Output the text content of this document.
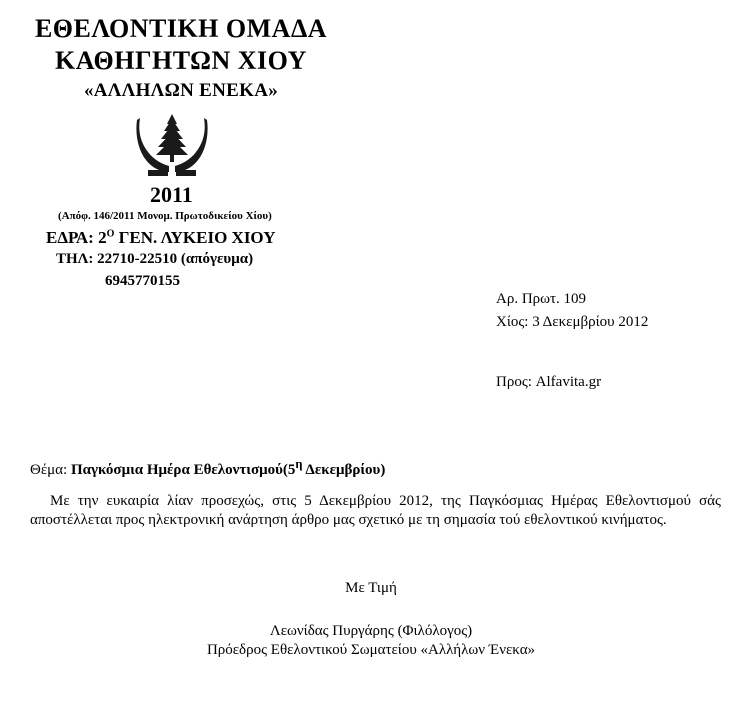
ΕΘΕΛΟΝΤΙΚΗ ΟΜΑΔΑ
ΚΑΘΗΓΗΤΩΝ ΧΙΟΥ
«ΑΛΛΗΛΩΝ ΕΝΕΚΑ»
2011
(Απόφ. 146/2011 Μονομ. Πρωτοδικείου Χίου)
ΕΔΡΑ: $2^O$ ΓΕΝ. ΛΥΚΕΙΟ ΧΙΟΥ
ΤΗΛ: 22710-22510 (απόγευμα)
6945770155
Αρ. Πρωτ. 109
Χίος: 3 Δεκεμβρίου 2012
Προς: Alfavita.gr
Θέμα: Παγκόσμια Ημέρα $E\theta\varepsilon\lambda o\nu\tau\iota\sigma\mu oύ(5^\eta$ Δεκεμβρίου)
Με την ευκαιρία λίαν προσεχώς, στις 5 Δεκεμβρίου 2012, της Παγκόσμιας Ημέρας Εθελοντισμού σάς αποστέλλεται προς ηλεκτρονική ανάρτηση άρθρο μας σχετικό με τη σημασία τού εθελοντικού κινήματος.
Με Τιμή
Λεωνίδας Πυργάρης (Φιλόλογος)
Πρόεδρος Εθελοντικού Σωματείου «Αλλήλων Ένεκα»
